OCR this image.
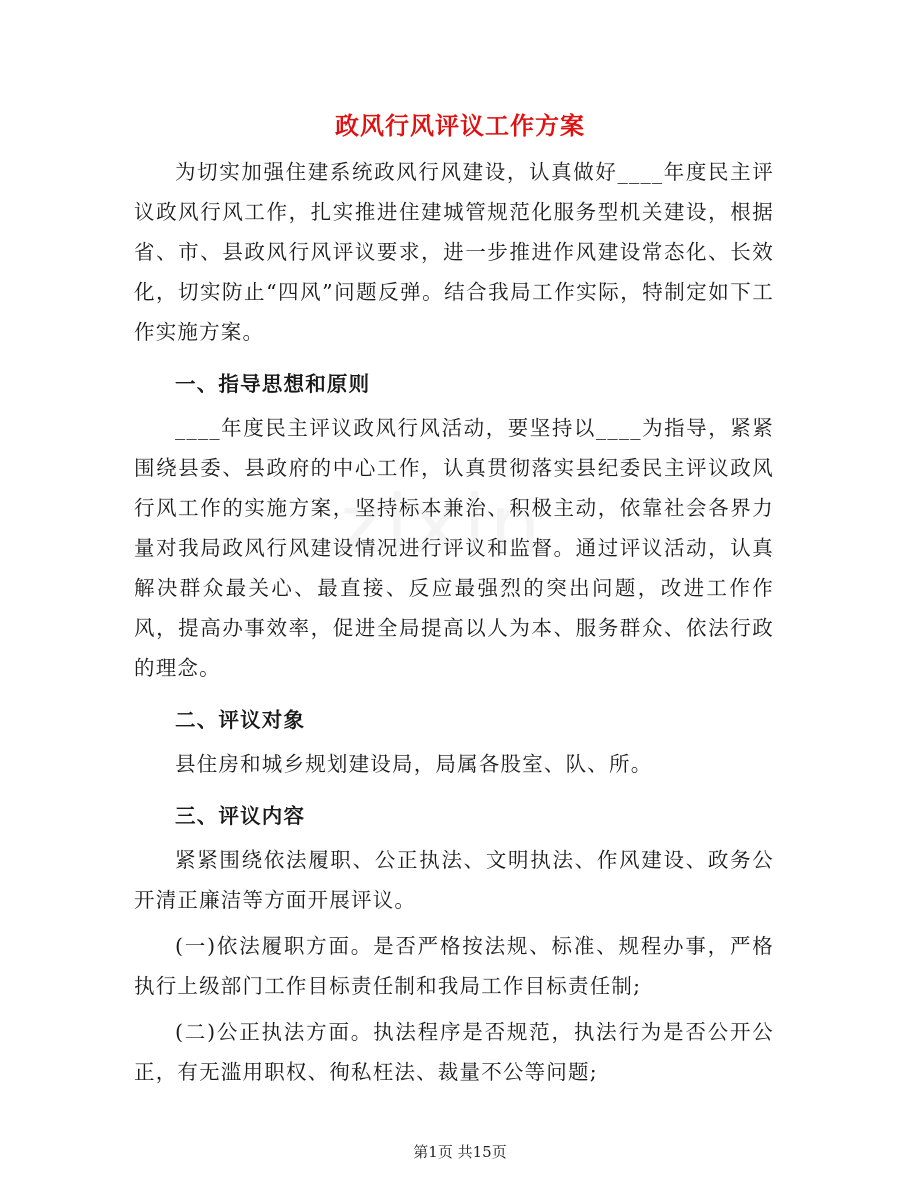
政风行风评议工作方案

为切实加强住建系统政风行风建设，认真做好____年度民主评议政风行风工作，扎实推进住建城管规范化服务型机关建设，根据省、市、县政风行风评议要求，进一步推进作风建设常态化、长效化，切实防止“四风”问题反弹。结合我局工作实际，特制定如下工作实施方案。

一、指导思想和原则

____年度民主评议政风行风活动，要坚持以____为指导，紧紧围绕县委、县政府的中心工作，认真贯彻落实县纪委民主评议政风行风工作的实施方案，坚持标本兼治、积极主动，依靠社会各界力量对我局政风行风建设情况进行评议和监督。通过评议活动，认真解决群众最关心、最直接、反应最强烈的突出问题，改进工作作风，提高办事效率，促进全局提高以人为本、服务群众、依法行政的理念。

二、评议对象

县住房和城乡规划建设局，局属各股室、队、所。

三、评议内容

紧紧围绕依法履职、公正执法、文明执法、作风建设、政务公开清正廉洁等方面开展评议。

(一)依法履职方面。是否严格按法规、标准、规程办事，严格执行上级部门工作目标责任制和我局工作目标责任制;

(二)公正执法方面。执法程序是否规范，执法行为是否公开公正，有无滥用职权、徇私枉法、裁量不公等问题;

第1页 共15页
